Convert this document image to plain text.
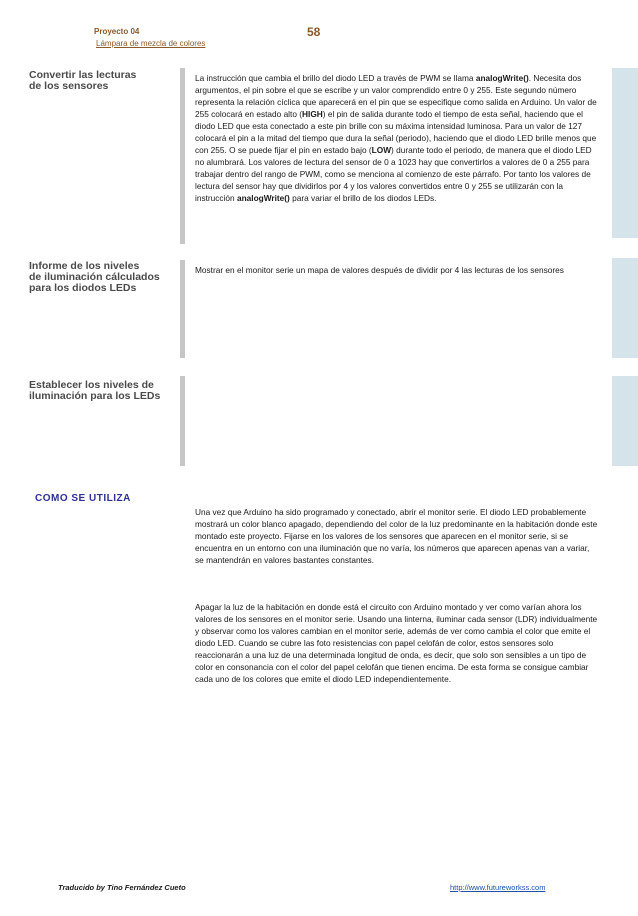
Proyecto 04
Lámpara de mezcla de colores
58
Convertir las lecturas
de los sensores
La instrucción que cambia el brillo del diodo LED a través de PWM se llama analogWrite(). Necesita dos argumentos, el pin sobre el que se escribe y un valor comprendido entre 0 y 255. Este segundo número representa la relación cíclica que aparecerá en el pin que se especifique como salida en Arduino. Un valor de 255 colocará en estado alto (HIGH) el pin de salida durante todo el tiempo de esta señal, haciendo que el diodo LED que esta conectado a este pin brille con su máxima intensidad luminosa. Para un valor de 127 colocará el pin a la mitad del tiempo que dura la señal (periodo), haciendo que el diodo LED brille menos que con 255. O se puede fijar el pin en estado bajo (LOW) durante todo el periodo, de manera que el diodo LED no alumbrará. Los valores de lectura del sensor de 0 a 1023 hay que convertirlos a valores de 0 a 255 para trabajar dentro del rango de PWM, como se menciona al comienzo de este párrafo. Por tanto los valores de lectura del sensor hay que dividirlos por 4 y los valores convertidos entre 0 y 255 se utilizarán con la instrucción analogWrite() para variar el brillo de los diodos LEDs.
Informe de los niveles
de iluminación cálculados
para los diodos LEDs
Mostrar en el monitor serie un mapa de valores después de dividir por 4 las lecturas de los sensores
Establecer los niveles de
iluminación para los LEDs
COMO SE UTILIZA
Una vez que Arduino ha sido programado y conectado, abrir el monitor serie. El diodo LED probablemente mostrará un color blanco apagado, dependiendo del color de la luz predominante en la habitación donde este montado este proyecto. Fijarse en los valores de los sensores que aparecen en el monitor serie, si se encuentra en un entorno con una iluminación que no varía, los números que aparecen apenas van a variar, se mantendrán en valores bastantes constantes.
Apagar la luz de la habitación en donde está el circuito con Arduino montado y ver como varían ahora los valores de los sensores en el monitor serie. Usando una linterna, iluminar cada sensor (LDR) individualmente y observar como los valores cambian en el monitor serie, además de ver como cambia el color que emite el diodo LED. Cuando se cubre las foto resistencias con papel celofán de color, estos sensores solo reaccionarán a una luz de una determinada longitud de onda, es decir, que solo son sensibles a un tipo de color en consonancia con el color del papel celofán que tienen encima. De esta forma se consigue cambiar cada uno de los colores que emite el diodo LED independientemente.
Traducido by Tino Fernández Cueto	http://www.futureworkss.com
